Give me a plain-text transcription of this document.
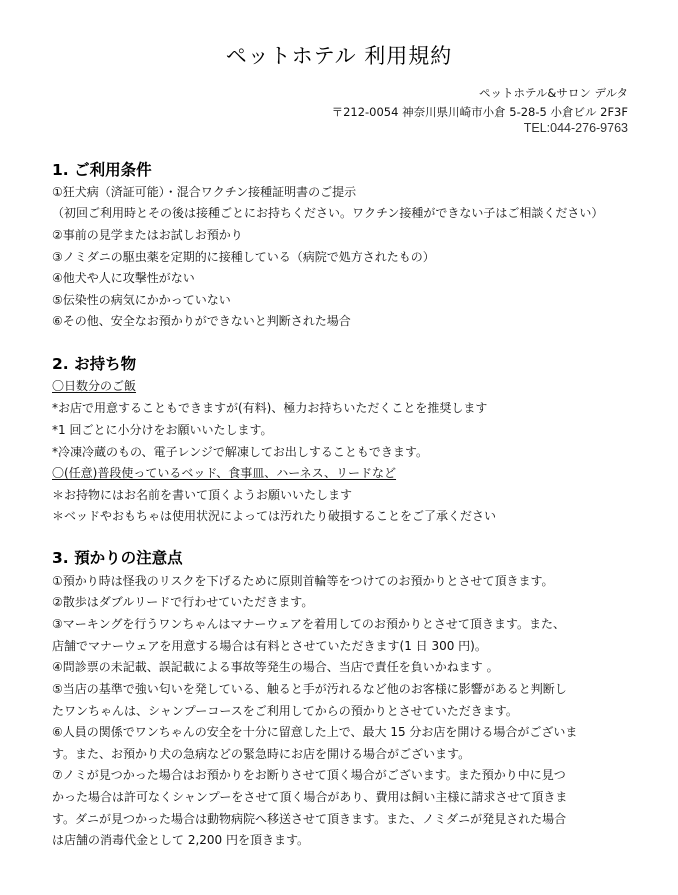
ペットホテル 利用規約
ペットホテル&サロン デルタ
〒212-0054 神奈川県川崎市小倉 5-28-5 小倉ビル 2F3F
TEL:044-276-9763
1. ご利用条件
①狂犬病（済証可能）・混合ワクチン接種証明書のご提示
（初回ご利用時とその後は接種ごとにお持ちください。ワクチン接種ができない子はご相談ください）
②事前の見学またはお試しお預かり
③ノミダニの駆虫薬を定期的に接種している（病院で処方されたもの）
④他犬や人に攻撃性がない
⑤伝染性の病気にかかっていない
⑥その他、安全なお預かりができないと判断された場合
2. お持ち物
〇日数分のご飯
*お店で用意することもできますが(有料)、極力お持ちいただくことを推奨します
*1 回ごとに小分けをお願いいたします。
*冷凍冷蔵のもの、電子レンジで解凍してお出しすることもできます。
〇(任意)普段使っているベッド、食事皿、ハーネス、リードなど
＊お持物にはお名前を書いて頂くようお願いいたします
＊ベッドやおもちゃは使用状況によっては汚れたり破損することをご了承ください
3. 預かりの注意点
①預かり時は怪我のリスクを下げるために原則首輪等をつけてのお預かりとさせて頂きます。
②散歩はダブルリードで行わせていただきます。
③マーキングを行うワンちゃんはマナーウェアを着用してのお預かりとさせて頂きます。また、
店舗でマナーウェアを用意する場合は有料とさせていただきます(1 日 300 円)。
④問診票の未記載、誤記載による事故等発生の場合、当店で責任を負いかねます 。
⑤当店の基準で強い匂いを発している、触ると手が汚れるなど他のお客様に影響があると判断し
たワンちゃんは、シャンプーコースをご利用してからの預かりとさせていただきます。
⑥人員の関係でワンちゃんの安全を十分に留意した上で、最大 15 分お店を開ける場合がございま
す。また、お預かり犬の急病などの緊急時にお店を開ける場合がございます。
⑦ノミが見つかった場合はお預かりをお断りさせて頂く場合がございます。また預かり中に見つ
かった場合は許可なくシャンプーをさせて頂く場合があり、費用は飼い主様に請求させて頂きま
す。ダニが見つかった場合は動物病院へ移送させて頂きます。また、ノミダニが発見された場合
は店舗の消毒代金として 2,200 円を頂きます。
